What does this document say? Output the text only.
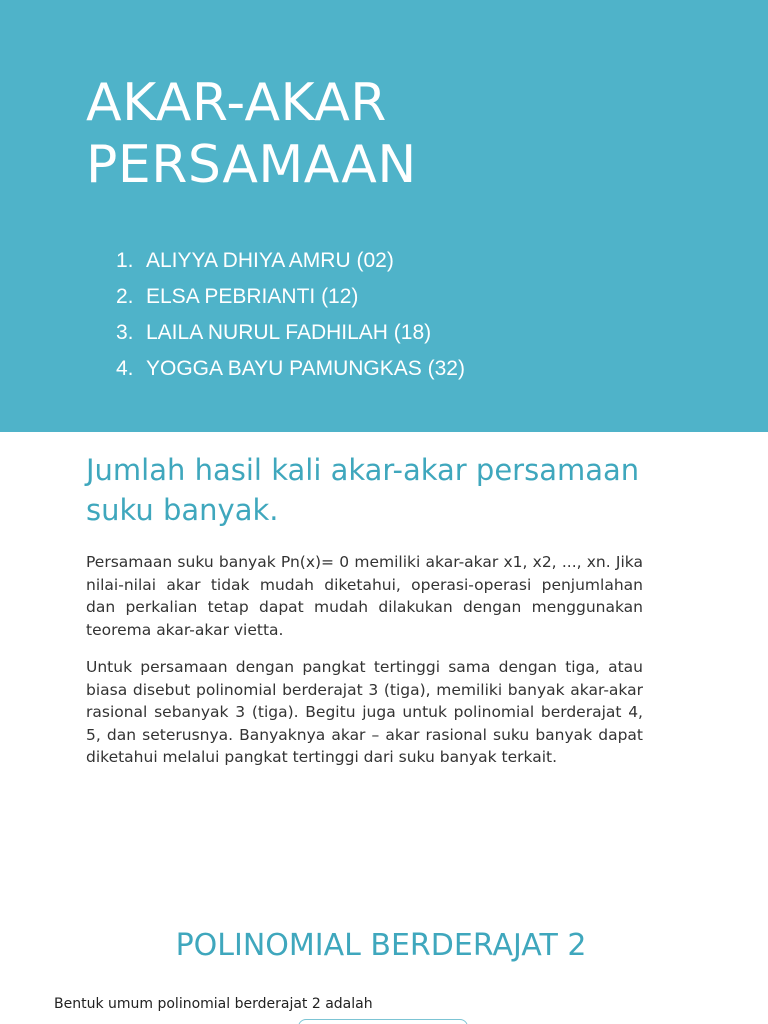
AKAR-AKAR
PERSAMAAN
1. ALIYYA DHIYA AMRU (02)
2. ELSA PEBRIANTI (12)
3. LAILA NURUL FADHILAH (18)
4. YOGGA BAYU PAMUNGKAS (32)
Jumlah hasil kali akar-akar persamaan
suku banyak.

Persamaan suku banyak Pn(x)= 0 memiliki akar-akar x1, x2, ..., xn. Jika nilai-nilai akar tidak mudah diketahui, operasi-operasi penjumlahan dan perkalian tetap dapat mudah dilakukan dengan menggunakan teorema akar-akar vietta.

Untuk persamaan dengan pangkat tertinggi sama dengan tiga, atau biasa disebut polinomial berderajat 3 (tiga), memiliki banyak akar-akar rasional sebanyak 3 (tiga). Begitu juga untuk polinomial berderajat 4, 5, dan seterusnya. Banyaknya akar – akar rasional suku banyak dapat diketahui melalui pangkat tertinggi dari suku banyak terkait.

POLINOMIAL BERDERAJAT 2

Bentuk umum polinomial berderajat 2 adalah
